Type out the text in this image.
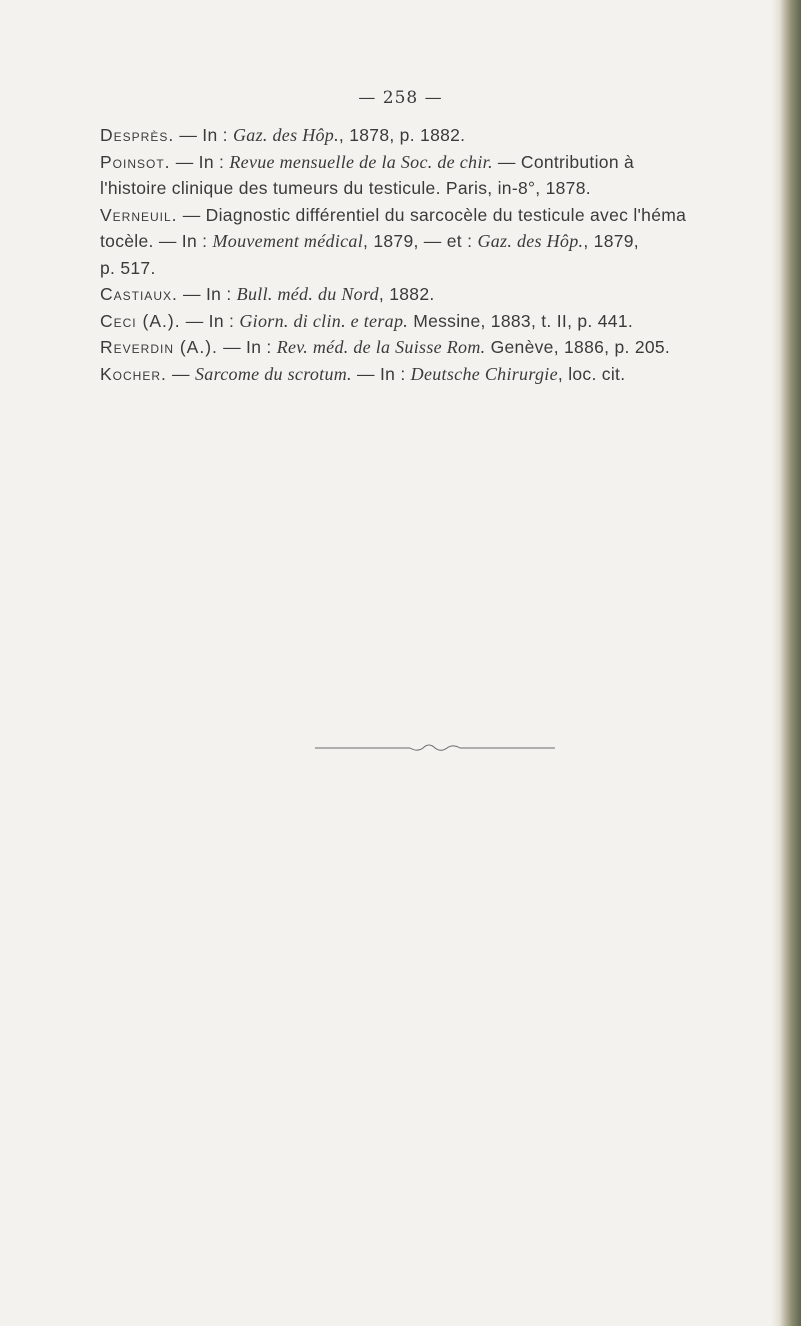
— 258 —

Desprès. — In : Gaz. des Hôp., 1878, p. 1882.

Poinsot. — In : Revue mensuelle de la Soc. de chir. — Contribution à
l'histoire clinique des tumeurs du testicule. Paris, in-8°, 1878.

Verneuil. — Diagnostic différentiel du sarcocèle du testicule avec l'héma
tocèle. — In : Mouvement médical, 1879, — et : Gaz. des Hôp., 1879,
p. 517.

Castiaux. — In : Bull. méd. du Nord, 1882.

Ceci (A.). — In : Giorn. di clin. e terap. Messine, 1883, t. II, p. 441.

Reverdin (A.). — In : Rev. méd. de la Suisse Rom. Genève, 1886, p. 205.

Kocher. — Sarcome du scrotum. — In : Deutsche Chirurgie, loc. cit.
